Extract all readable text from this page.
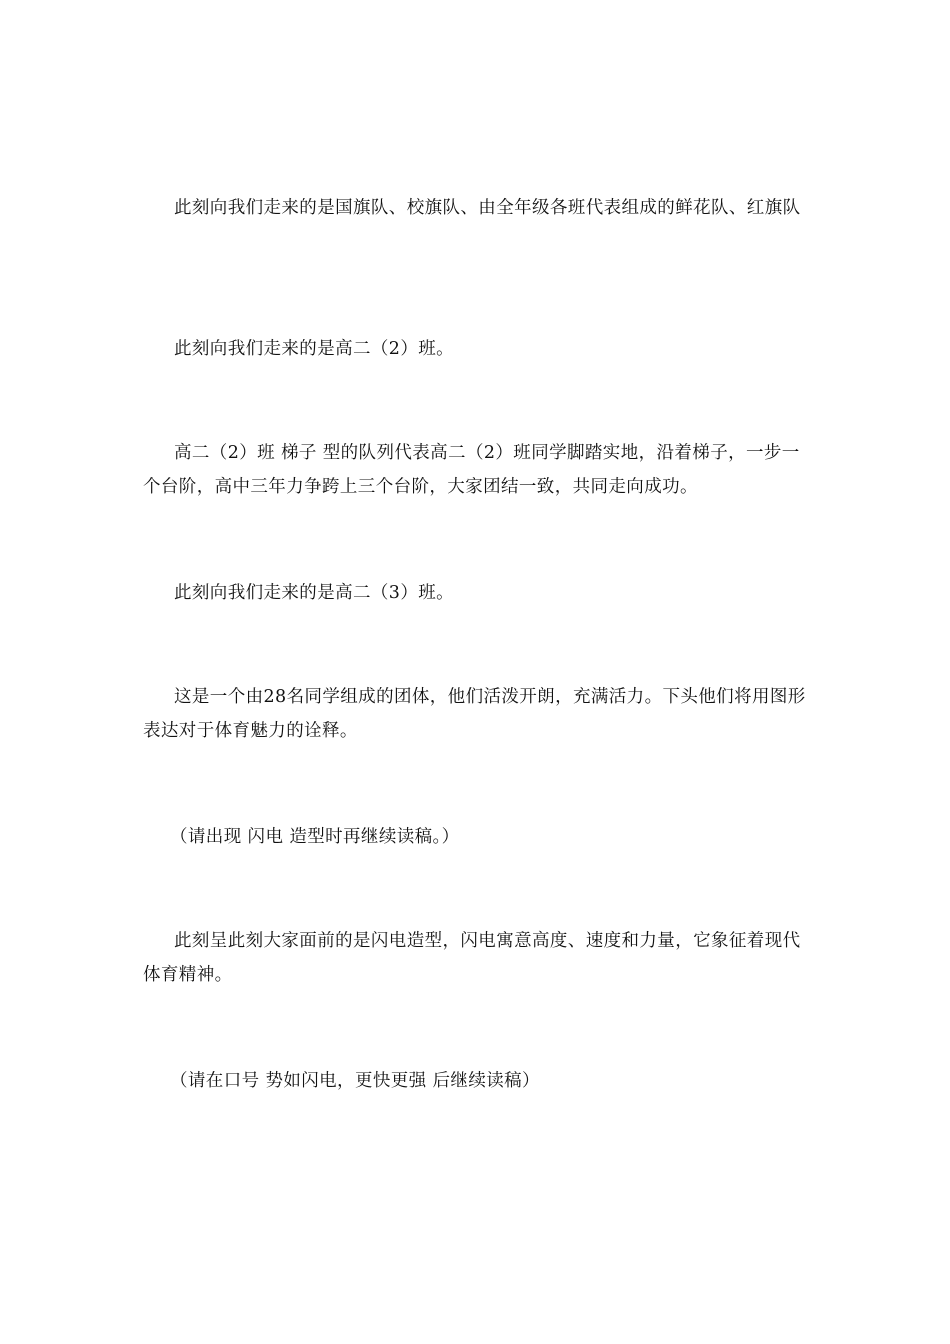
此刻向我们走来的是国旗队、校旗队、由全年级各班代表组成的鲜花队、红旗队

此刻向我们走来的是高二（2）班。

高二（2）班 梯子 型的队列代表高二（2）班同学脚踏实地，沿着梯子，一步一个台阶，高中三年力争跨上三个台阶，大家团结一致，共同走向成功。

此刻向我们走来的是高二（3）班。

这是一个由28名同学组成的团体，他们活泼开朗，充满活力。下头他们将用图形表达对于体育魅力的诠释。

（请出现 闪电 造型时再继续读稿。）

此刻呈此刻大家面前的是闪电造型，闪电寓意高度、速度和力量，它象征着现代体育精神。

（请在口号 势如闪电，更快更强 后继续读稿）
